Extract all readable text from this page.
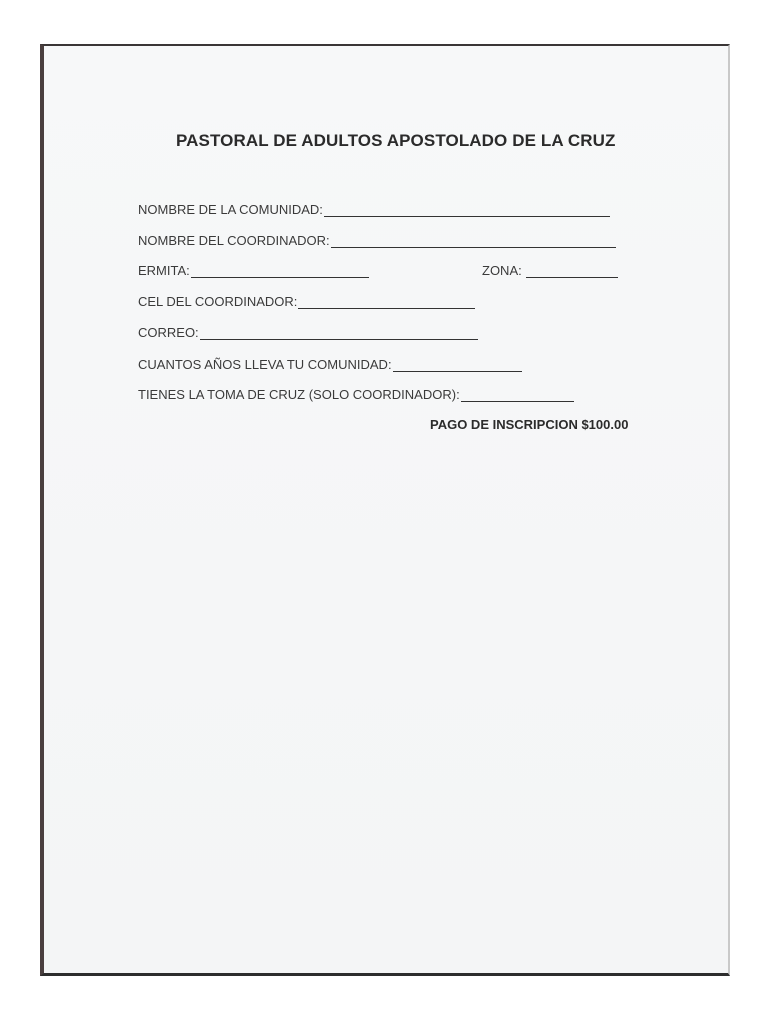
PASTORAL DE ADULTOS APOSTOLADO DE LA CRUZ
NOMBRE DE LA COMUNIDAD:
NOMBRE DEL COORDINADOR:
ERMITA:	ZONA:
CEL DEL COORDINADOR:
CORREO:
CUANTOS AÑOS LLEVA TU COMUNIDAD:
TIENES LA TOMA DE CRUZ (SOLO COORDINADOR):
PAGO DE INSCRIPCION $100.00
